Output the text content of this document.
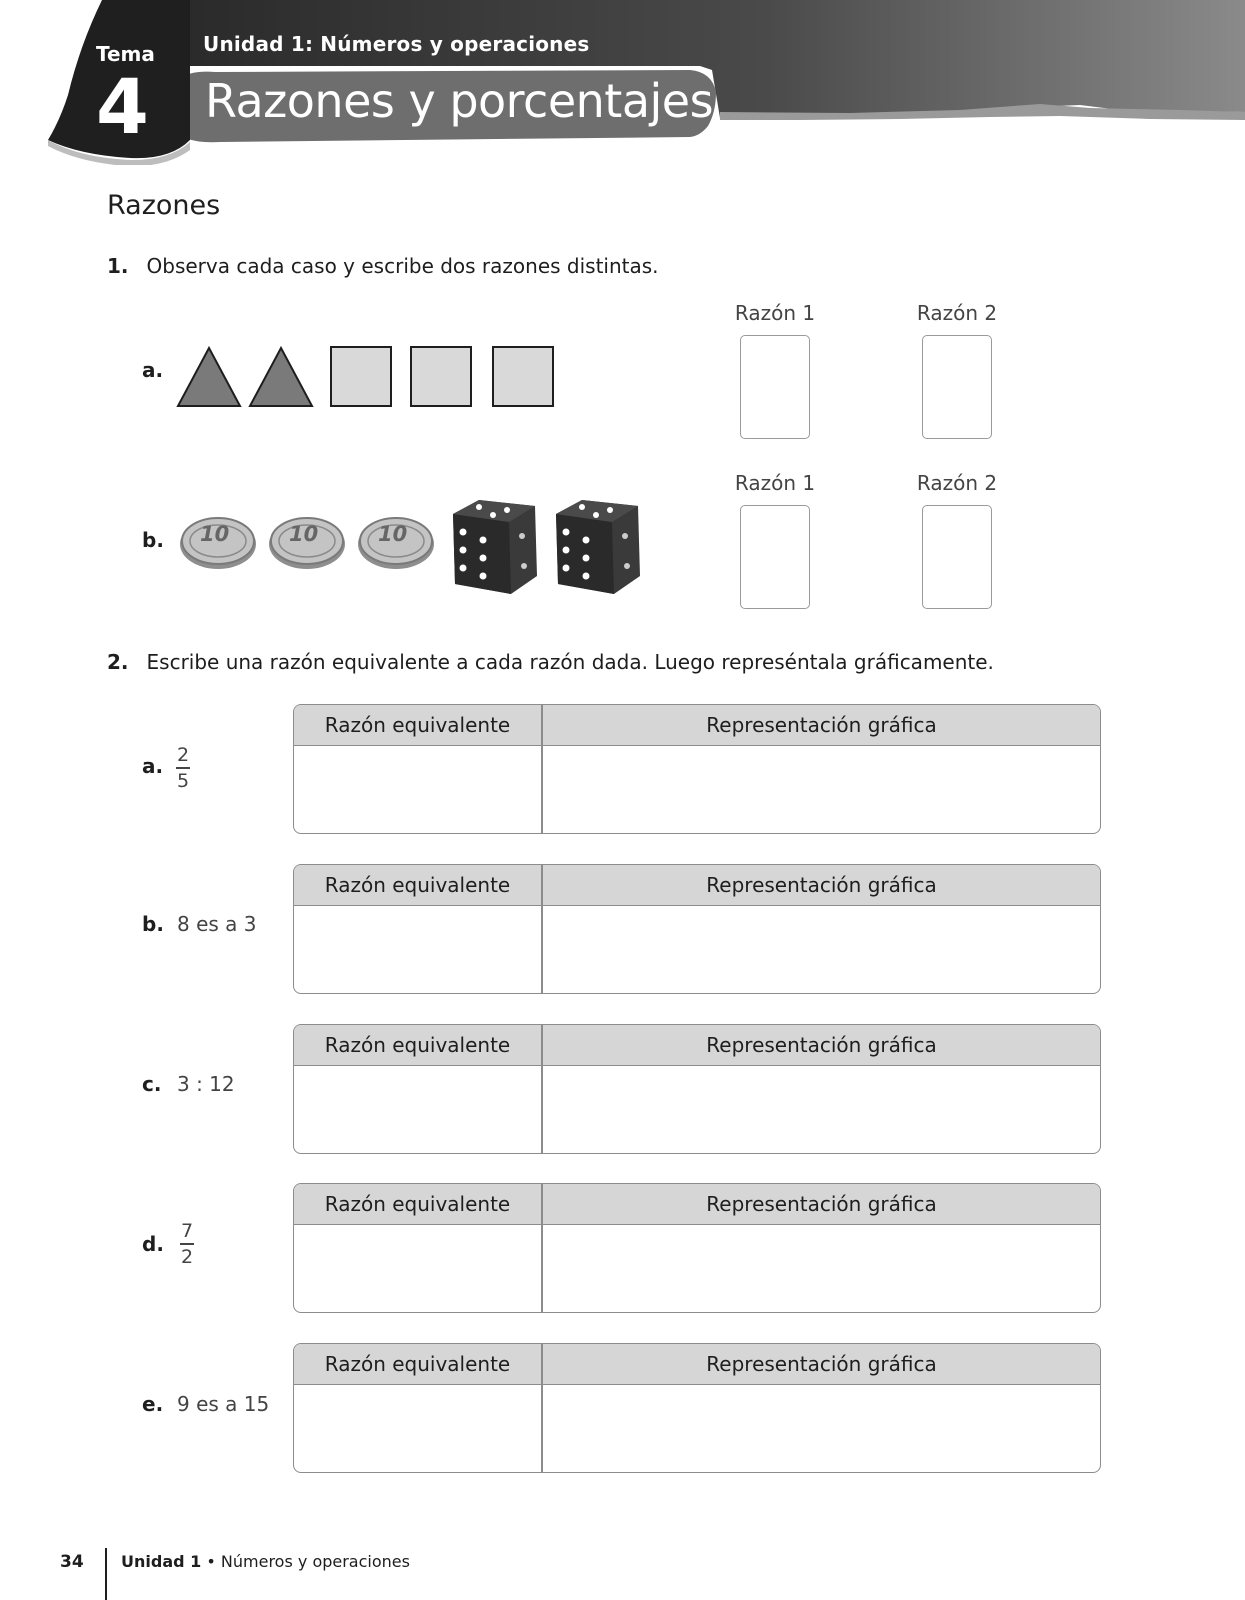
Tema
4
Unidad 1: Números y operaciones
Razones y porcentajes
Razones
1. Observa cada caso y escribe dos razones distintas.
a.
Razón 1	Razón 2
b. 10	10	10
Razón 1	Razón 2
2. Escribe una razón equivalente a cada razón dada. Luego represéntala gráficamente.
a. 2
5
Razón equivalente	Representación gráfica
b. 8 es a 3
Razón equivalente	Representación gráfica
c. 3 : 12
Razón equivalente	Representación gráfica
d.
7
2
Razón equivalente	Representación gráfica
e. 9 es a 15
Razón equivalente	Representación gráfica
34 Unidad 1 • Números y operaciones
